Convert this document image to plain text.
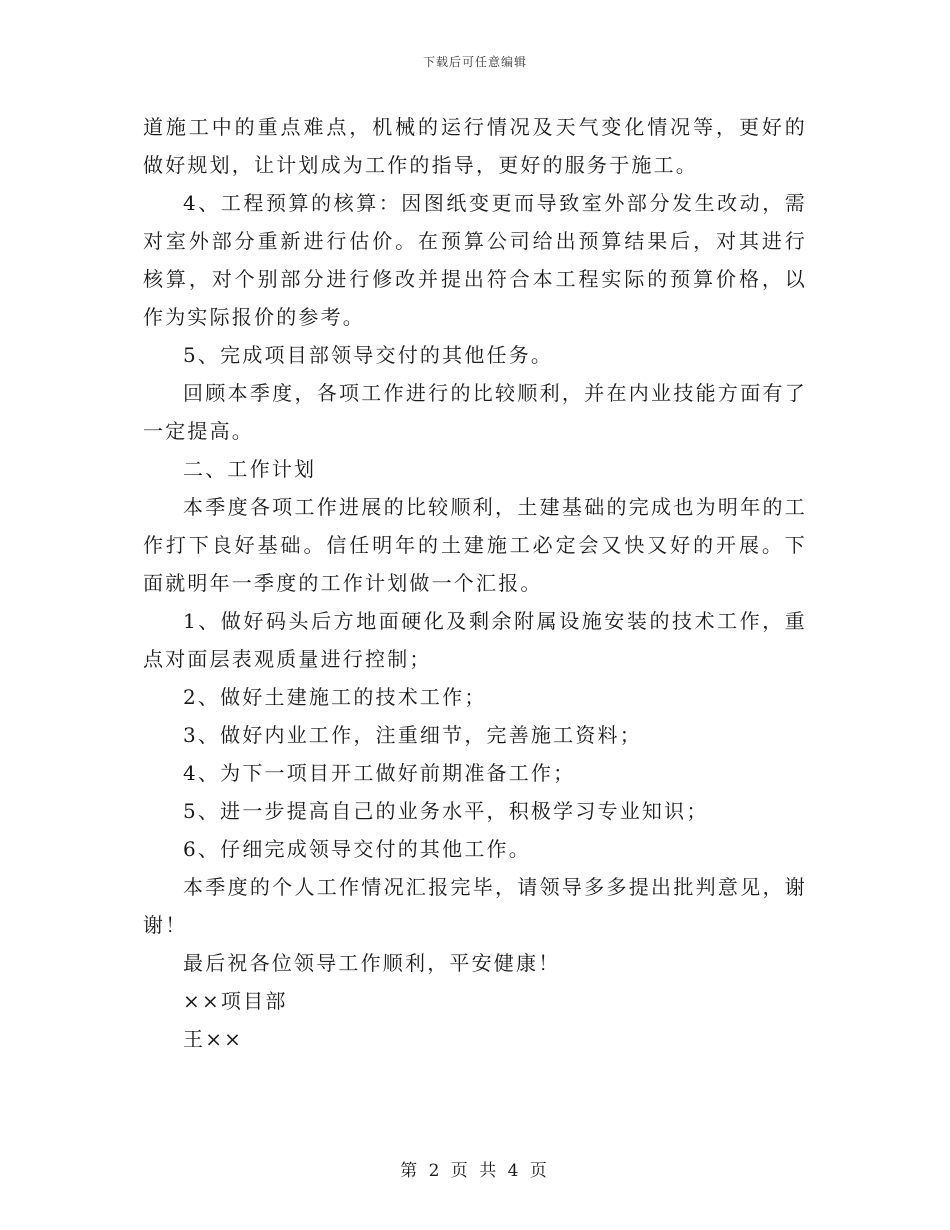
下载后可任意编辑

道施工中的重点难点，机械的运行情况及天气变化情况等，更好的做好规划，让计划成为工作的指导，更好的服务于施工。

4、工程预算的核算：因图纸变更而导致室外部分发生改动，需对室外部分重新进行估价。在预算公司给出预算结果后，对其进行核算，对个别部分进行修改并提出符合本工程实际的预算价格，以作为实际报价的参考。

5、完成项目部领导交付的其他任务。

回顾本季度，各项工作进行的比较顺利，并在内业技能方面有了一定提高。

二、工作计划

本季度各项工作进展的比较顺利，土建基础的完成也为明年的工作打下良好基础。信任明年的土建施工必定会又快又好的开展。下面就明年一季度的工作计划做一个汇报。

1、做好码头后方地面硬化及剩余附属设施安装的技术工作，重点对面层表观质量进行控制；

2、做好土建施工的技术工作；

3、做好内业工作，注重细节，完善施工资料；

4、为下一项目开工做好前期准备工作；

5、进一步提高自己的业务水平，积极学习专业知识；

6、仔细完成领导交付的其他工作。

本季度的个人工作情况汇报完毕，请领导多多提出批判意见，谢谢！

最后祝各位领导工作顺利，平安健康！

××项目部

王××

第 2 页 共 4 页
